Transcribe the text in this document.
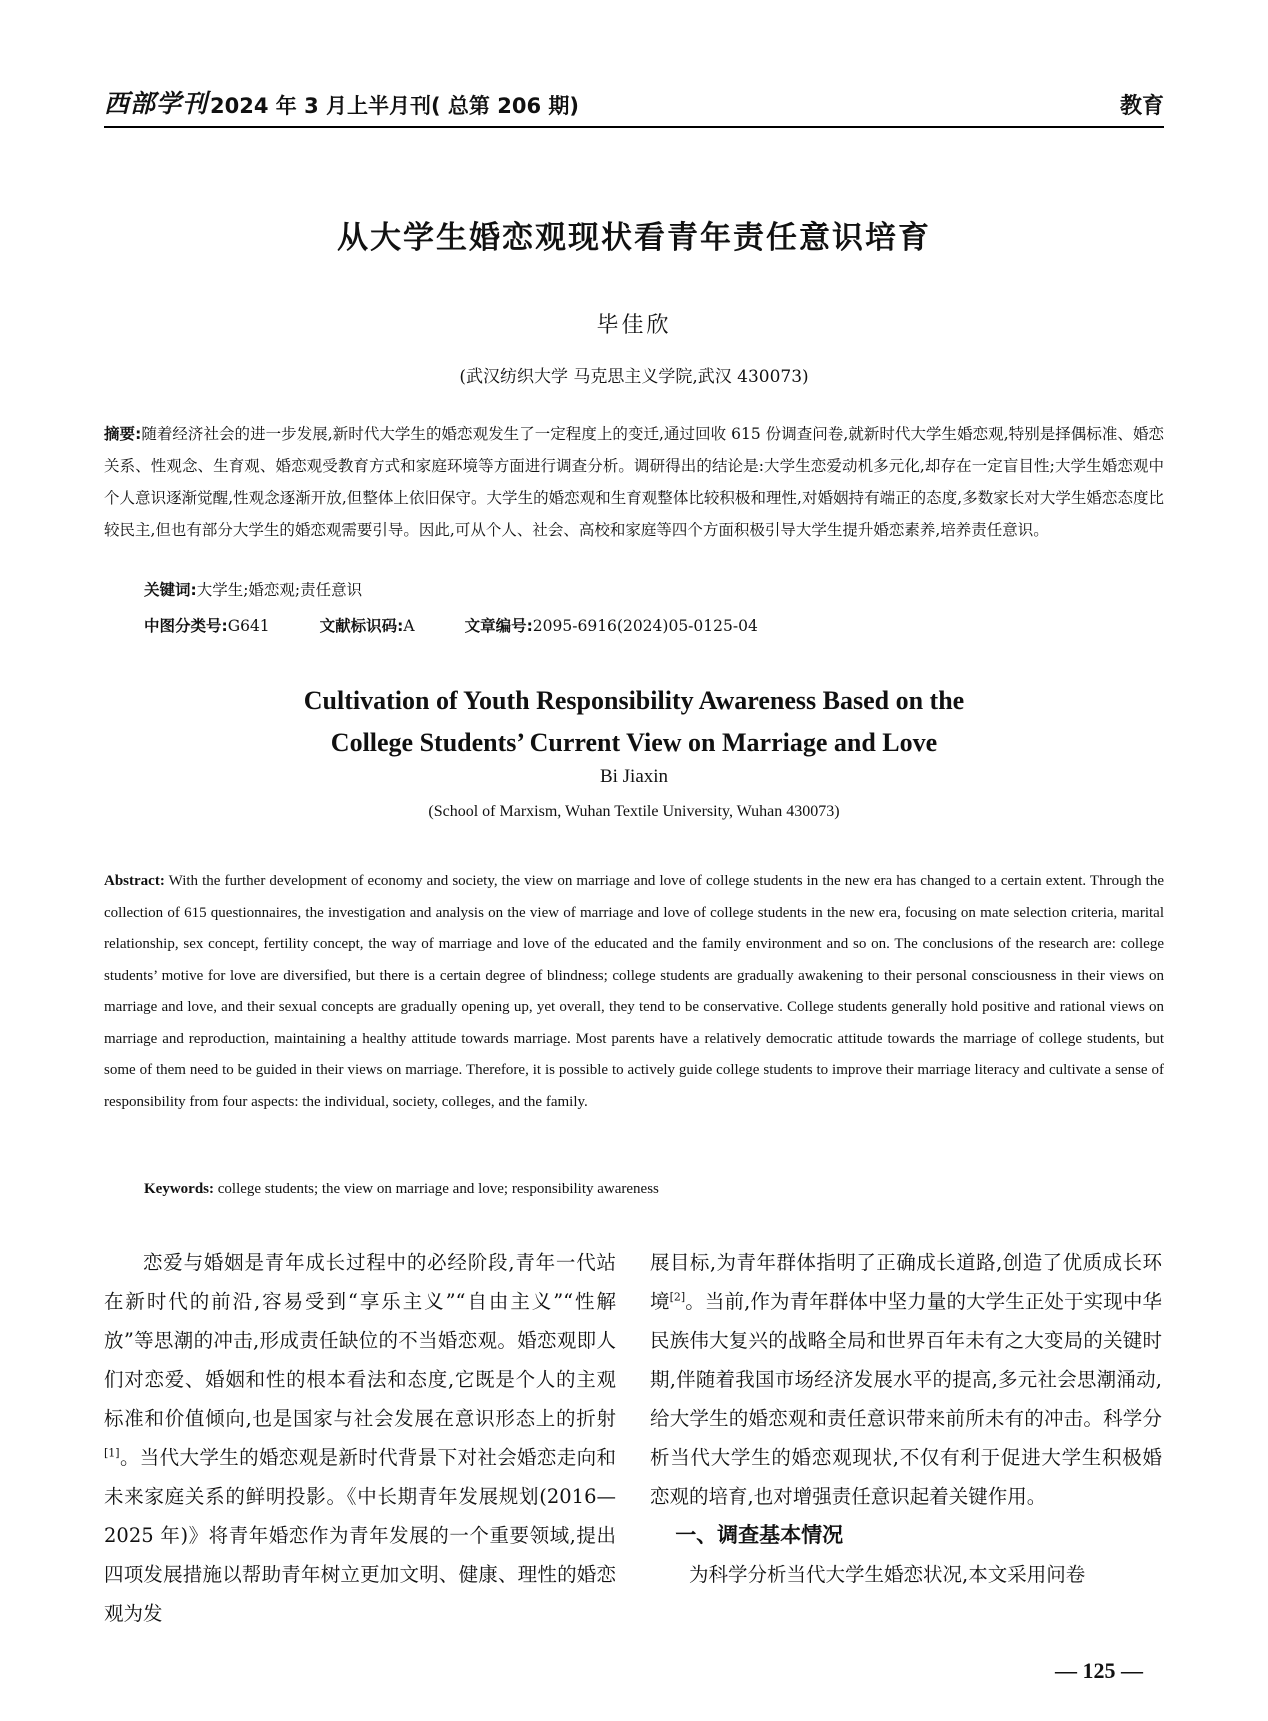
西部学刊 2024 年 3 月上半月刊( 总第 206 期)	教育
从大学生婚恋观现状看青年责任意识培育
毕佳欣
(武汉纺织大学 马克思主义学院,武汉 430073)
摘要:随着经济社会的进一步发展,新时代大学生的婚恋观发生了一定程度上的变迁,通过回收 615 份调查问卷,就新时代大学生婚恋观,特别是择偶标准、婚恋关系、性观念、生育观、婚恋观受教育方式和家庭环境等方面进行调查分析。调研得出的结论是:大学生恋爱动机多元化,却存在一定盲目性;大学生婚恋观中个人意识逐渐觉醒,性观念逐渐开放,但整体上依旧保守。大学生的婚恋观和生育观整体比较积极和理性,对婚姻持有端正的态度,多数家长对大学生婚恋态度比较民主,但也有部分大学生的婚恋观需要引导。因此,可从个人、社会、高校和家庭等四个方面积极引导大学生提升婚恋素养,培养责任意识。
关键词:大学生;婚恋观;责任意识
中图分类号:G641	文献标识码:A	文章编号:2095-6916(2024)05-0125-04
Cultivation of Youth Responsibility Awareness Based on the
College Students’ Current View on Marriage and Love
Bi Jiaxin
(School of Marxism, Wuhan Textile University, Wuhan 430073)
Abstract: With the further development of economy and society, the view on marriage and love of college students in the new era has changed to a certain extent. Through the collection of 615 questionnaires, the investigation and analysis on the view of marriage and love of college students in the new era, focusing on mate selection criteria, marital relationship, sex concept, fertility concept, the way of marriage and love of the educated and the family environment and so on. The conclusions of the research are: college students’ motive for love are diversified, but there is a certain degree of blindness; college students are gradually awakening to their personal consciousness in their views on marriage and love, and their sexual concepts are gradually opening up, yet overall, they tend to be conservative. College students generally hold positive and rational views on marriage and reproduction, maintaining a healthy attitude towards marriage. Most parents have a relatively democratic attitude towards the marriage of college students, but some of them need to be guided in their views on marriage. Therefore, it is possible to actively guide college students to improve their marriage literacy and cultivate a sense of responsibility from four aspects: the individual, society, colleges, and the family.
Keywords: college students; the view on marriage and love; responsibility awareness

恋爱与婚姻是青年成长过程中的必经阶段,青年一代站在新时代的前沿,容易受到“享乐主义”“自由主义”“性解放”等思潮的冲击,形成责任缺位的不当婚恋观。婚恋观即人们对恋爱、婚姻和性的根本看法和态度,它既是个人的主观标准和价值倾向,也是国家与社会发展在意识形态上的折射[1]。当代大学生的婚恋观是新时代背景下对社会婚恋走向和未来家庭关系的鲜明投影。《中长期青年发展规划(2016—2025 年)》将青年婚恋作为青年发展的一个重要领域,提出四项发展措施以帮助青年树立更加文明、健康、理性的婚恋观为发

展目标,为青年群体指明了正确成长道路,创造了优质成长环境[2]。当前,作为青年群体中坚力量的大学生正处于实现中华民族伟大复兴的战略全局和世界百年未有之大变局的关键时期,伴随着我国市场经济发展水平的提高,多元社会思潮涌动,给大学生的婚恋观和责任意识带来前所未有的冲击。科学分析当代大学生的婚恋观现状,不仅有利于促进大学生积极婚恋观的培育,也对增强责任意识起着关键作用。

一、调查基本情况

为科学分析当代大学生婚恋状况,本文采用问卷

— 125 —
